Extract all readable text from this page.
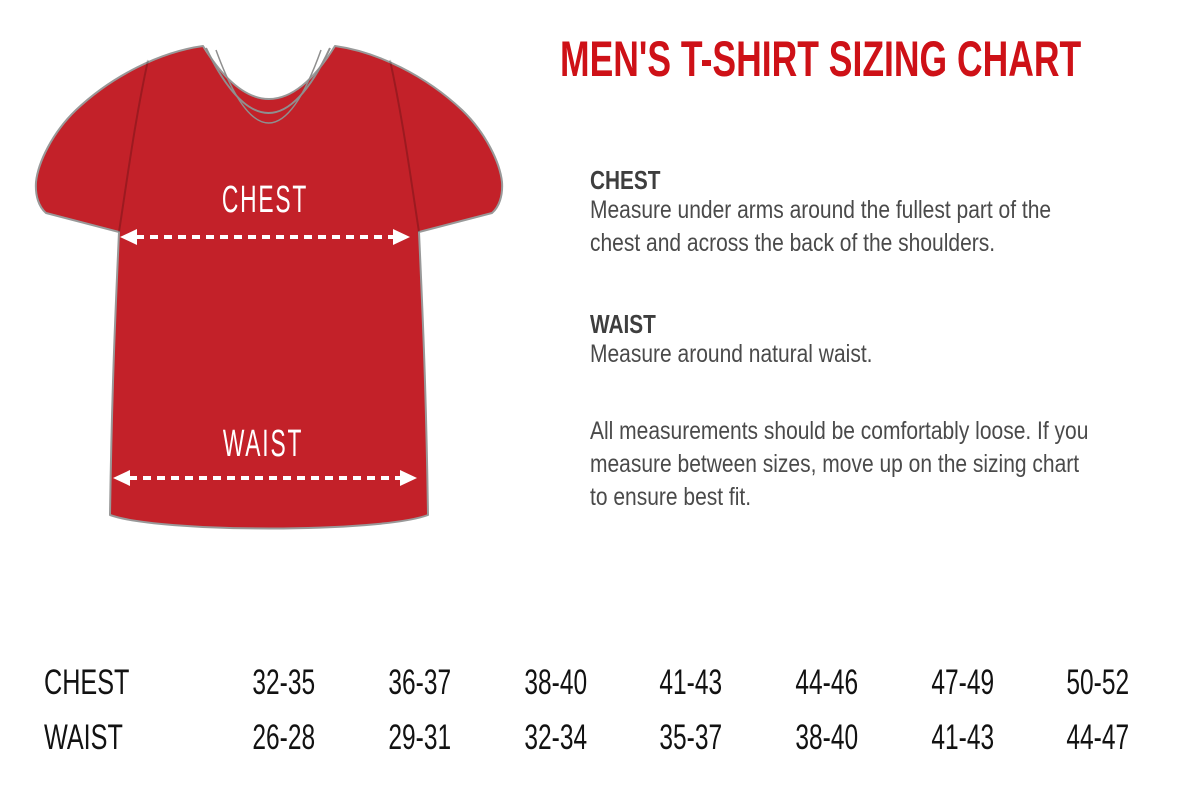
CHEST
WAIST
MEN'S T-SHIRT SIZING CHART
CHEST
Measure under arms around the fullest part of the
chest and across the back of the shoulders.
WAIST
Measure around natural waist.
All measurements should be comfortably loose. If you
measure between sizes, move up on the sizing chart
to ensure best fit.
SIZES	XS	S	M	L	XL	2XL	3XL
CHEST	32-35 36-37 38-40 41-43 44-46 47-49 50-52
WAIST	26-28 29-31 32-34 35-37 38-40 41-43 44-47
